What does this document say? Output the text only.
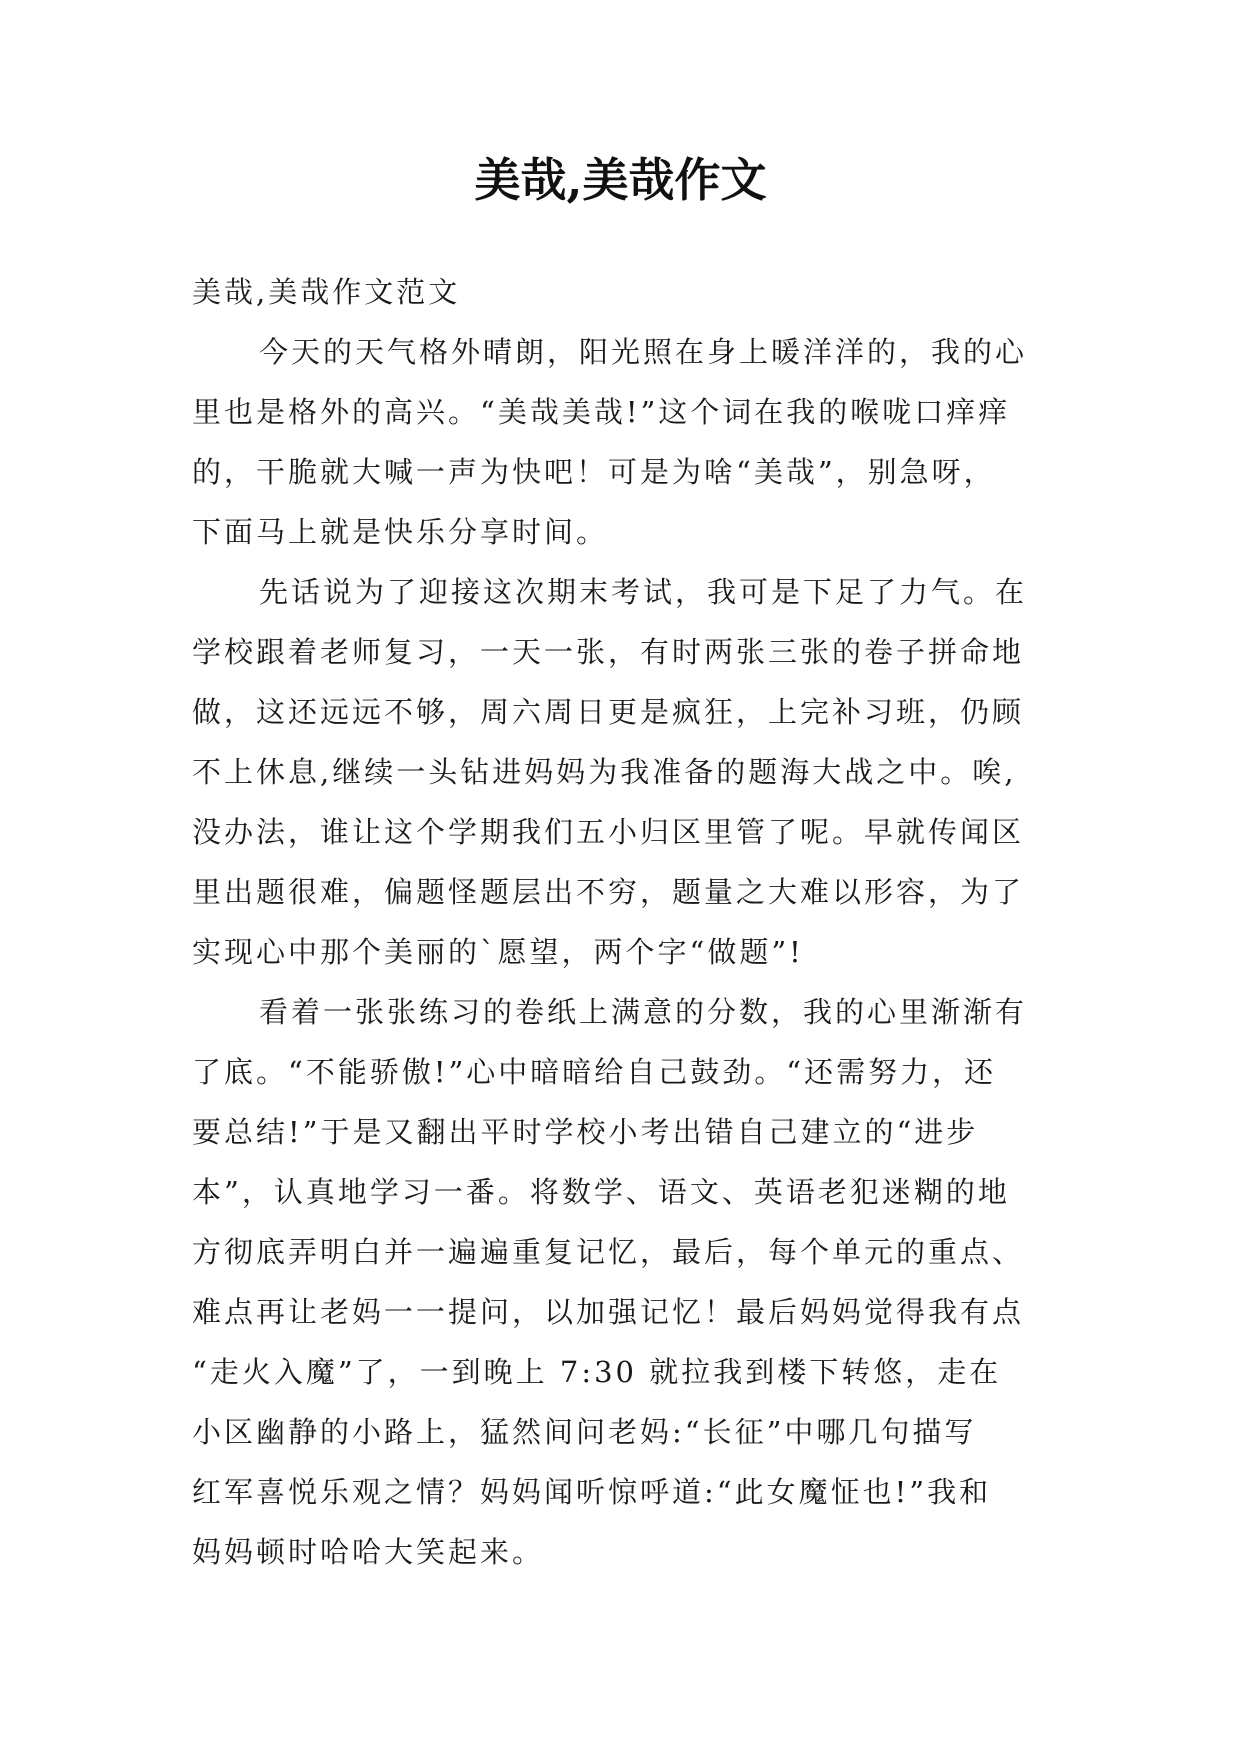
美哉,美哉作文
美哉,美哉作文范文
今天的天气格外晴朗，阳光照在身上暖洋洋的，我的心
里也是格外的高兴。“美哉美哉!”这个词在我的喉咙口痒痒
的，干脆就大喊一声为快吧！可是为啥“美哉”，别急呀，
下面马上就是快乐分享时间。
先话说为了迎接这次期末考试，我可是下足了力气。在
学校跟着老师复习，一天一张，有时两张三张的卷子拼命地
做，这还远远不够，周六周日更是疯狂，上完补习班，仍顾
不上休息,继续一头钻进妈妈为我准备的题海大战之中。唉,
没办法，谁让这个学期我们五小归区里管了呢。早就传闻区
里出题很难，偏题怪题层出不穷，题量之大难以形容，为了
实现心中那个美丽的`愿望，两个字“做题”!
看着一张张练习的卷纸上满意的分数，我的心里渐渐有
了底。“不能骄傲!”心中暗暗给自己鼓劲。“还需努力，还
要总结!”于是又翻出平时学校小考出错自己建立的“进步
本”，认真地学习一番。将数学、语文、英语老犯迷糊的地
方彻底弄明白并一遍遍重复记忆，最后，每个单元的重点、
难点再让老妈一一提问，以加强记忆！最后妈妈觉得我有点
“走火入魔”了，一到晚上 7:30 就拉我到楼下转悠，走在
小区幽静的小路上，猛然间问老妈:“长征”中哪几句描写
红军喜悦乐观之情？妈妈闻听惊呼道:“此女魔怔也!”我和
妈妈顿时哈哈大笑起来。
